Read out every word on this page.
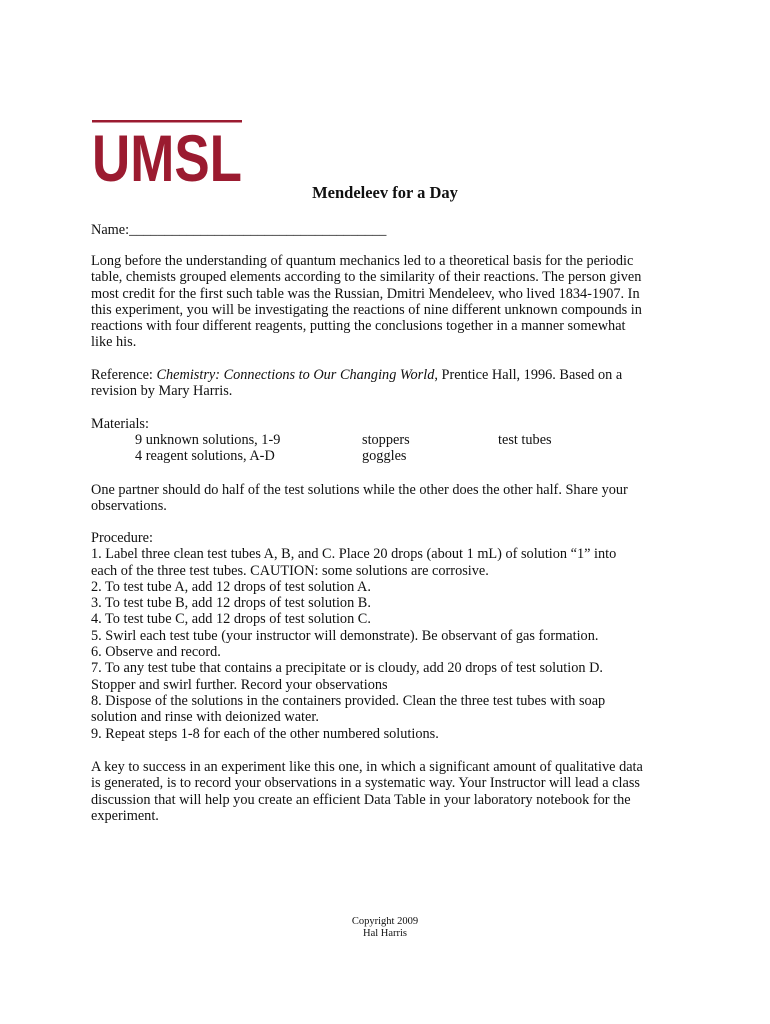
UMSL	Mendeleev for a Day
Name:____________________________________

Long before the understanding of quantum mechanics led to a theoretical basis for the periodic

table, chemists grouped elements according to the similarity of their reactions. The person given

most credit for the first such table was the Russian, Dmitri Mendeleev, who lived 1834-1907. In

this experiment, you will be investigating the reactions of nine different unknown compounds in

reactions with four different reagents, putting the conclusions together in a manner somewhat

like his.

Reference: Chemistry: Connections to Our Changing World, Prentice Hall, 1996. Based on a

revision by Mary Harris.

Materials:

9 unknown solutions, 1-9

4 reagent solutions, A-D

stoppers

goggles

test tubes

One partner should do half of the test solutions while the other does the other half. Share your

observations.

Procedure:

1. Label three clean test tubes A, B, and C. Place 20 drops (about 1 mL) of solution “1” into

each of the three test tubes. CAUTION: some solutions are corrosive.

2. To test tube A, add 12 drops of test solution A.

3. To test tube B, add 12 drops of test solution B.

4. To test tube C, add 12 drops of test solution C.

5. Swirl each test tube (your instructor will demonstrate). Be observant of gas formation.

6. Observe and record.

7. To any test tube that contains a precipitate or is cloudy, add 20 drops of test solution D.

Stopper and swirl further. Record your observations

8. Dispose of the solutions in the containers provided. Clean the three test tubes with soap

solution and rinse with deionized water.

9. Repeat steps 1-8 for each of the other numbered solutions.

A key to success in an experiment like this one, in which a significant amount of qualitative data

is generated, is to record your observations in a systematic way. Your Instructor will lead a class

discussion that will help you create an efficient Data Table in your laboratory notebook for the

experiment.

Copyright 2009

Hal Harris
